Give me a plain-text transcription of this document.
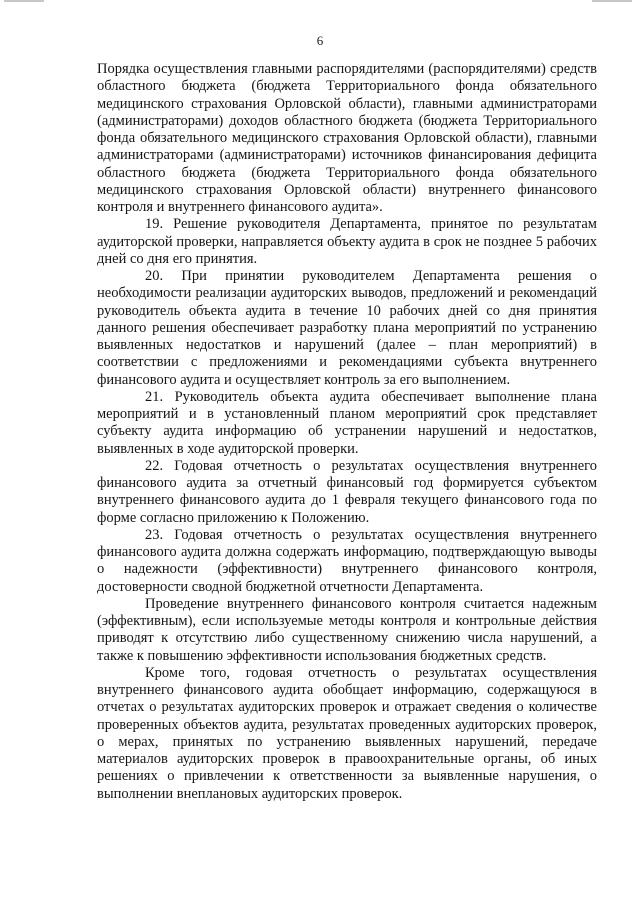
6

Порядка осуществления главными распорядителями (распорядителями) средств областного бюджета (бюджета Территориального фонда обязательного медицинского страхования Орловской области), главными администраторами (администраторами) доходов областного бюджета (бюджета Территориального фонда обязательного медицинского страхования Орловской области), главными администраторами (администраторами) источников финансирования дефицита областного бюджета (бюджета Территориального фонда обязательного медицинского страхования Орловской области) внутреннего финансового контроля и внутреннего финансового аудита».

19. Решение руководителя Департамента, принятое по результатам аудиторской проверки, направляется объекту аудита в срок не позднее 5 рабочих дней со дня его принятия.

20. При принятии руководителем Департамента решения о необходимости реализации аудиторских выводов, предложений и рекомендаций руководитель объекта аудита в течение 10 рабочих дней со дня принятия данного решения обеспечивает разработку плана мероприятий по устранению выявленных недостатков и нарушений (далее – план мероприятий) в соответствии с предложениями и рекомендациями субъекта внутреннего финансового аудита и осуществляет контроль за его выполнением.

21. Руководитель объекта аудита обеспечивает выполнение плана мероприятий и в установленный планом мероприятий срок представляет субъекту аудита информацию об устранении нарушений и недостатков, выявленных в ходе аудиторской проверки.

22. Годовая отчетность о результатах осуществления внутреннего финансового аудита за отчетный финансовый год формируется субъектом внутреннего финансового аудита до 1 февраля текущего финансового года по форме согласно приложению к Положению.

23. Годовая отчетность о результатах осуществления внутреннего финансового аудита должна содержать информацию, подтверждающую выводы о надежности (эффективности) внутреннего финансового контроля, достоверности сводной бюджетной отчетности Департамента.

Проведение внутреннего финансового контроля считается надежным (эффективным), если используемые методы контроля и контрольные действия приводят к отсутствию либо существенному снижению числа нарушений, а также к повышению эффективности использования бюджетных средств.

Кроме того, годовая отчетность о результатах осуществления внутреннего финансового аудита обобщает информацию, содержащуюся в отчетах о результатах аудиторских проверок и отражает сведения о количестве проверенных объектов аудита, результатах проведенных аудиторских проверок, о мерах, принятых по устранению выявленных нарушений, передаче материалов аудиторских проверок в правоохранительные органы, об иных решениях о привлечении к ответственности за выявленные нарушения, о выполнении внеплановых аудиторских проверок.
